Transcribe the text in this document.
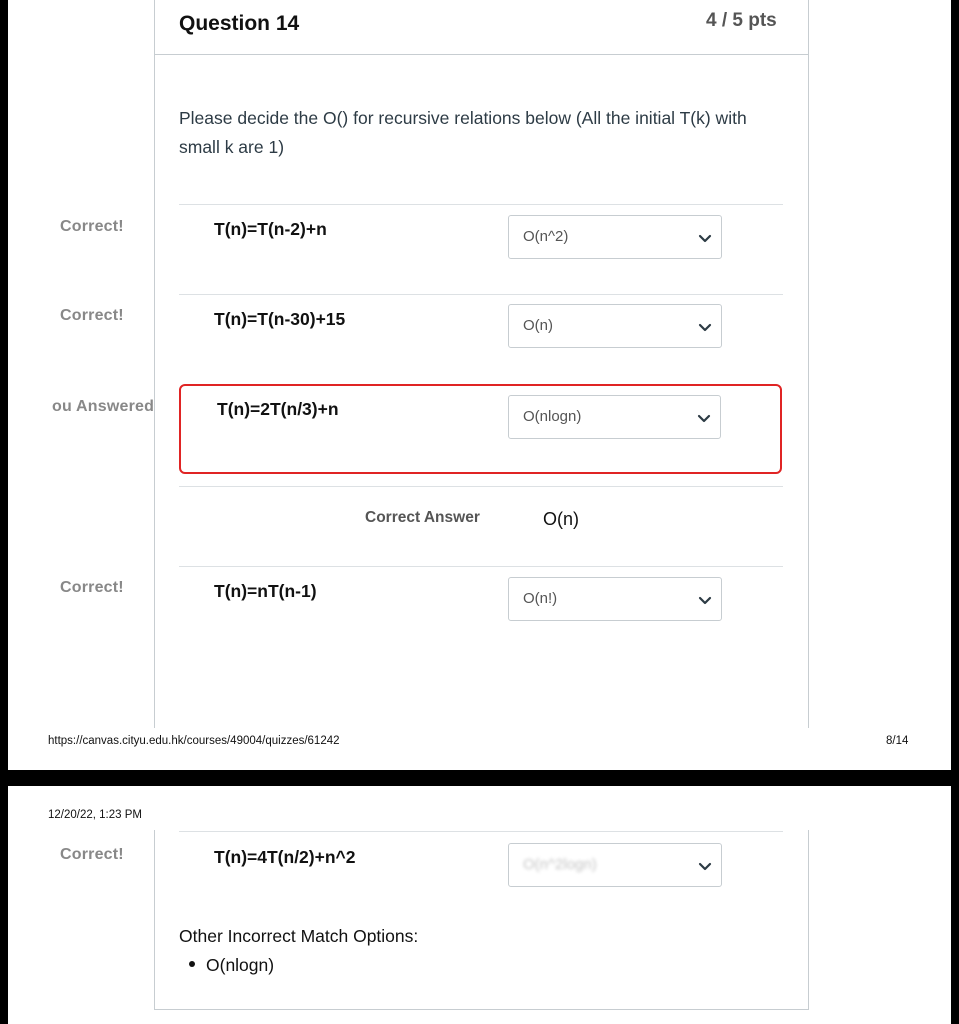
Question 14	4 / 5 pts
Please decide the O() for recursive relations below (All the initial T(k) with small k are 1)
Correct!	T(n)=T(n-2)+n	O(n^2)
Correct!	T(n)=T(n-30)+15	O(n)
ou Answered	T(n)=2T(n/3)+n	O(nlogn)
Correct Answer	O(n)
Correct!	T(n)=nT(n-1)	O(n!)
https://canvas.cityu.edu.hk/courses/49004/quizzes/61242	8/14
12/20/22, 1:23 PM
Correct!	T(n)=4T(n/2)+n^2	O(n^2logn)
Other Incorrect Match Options:
O(nlogn)
